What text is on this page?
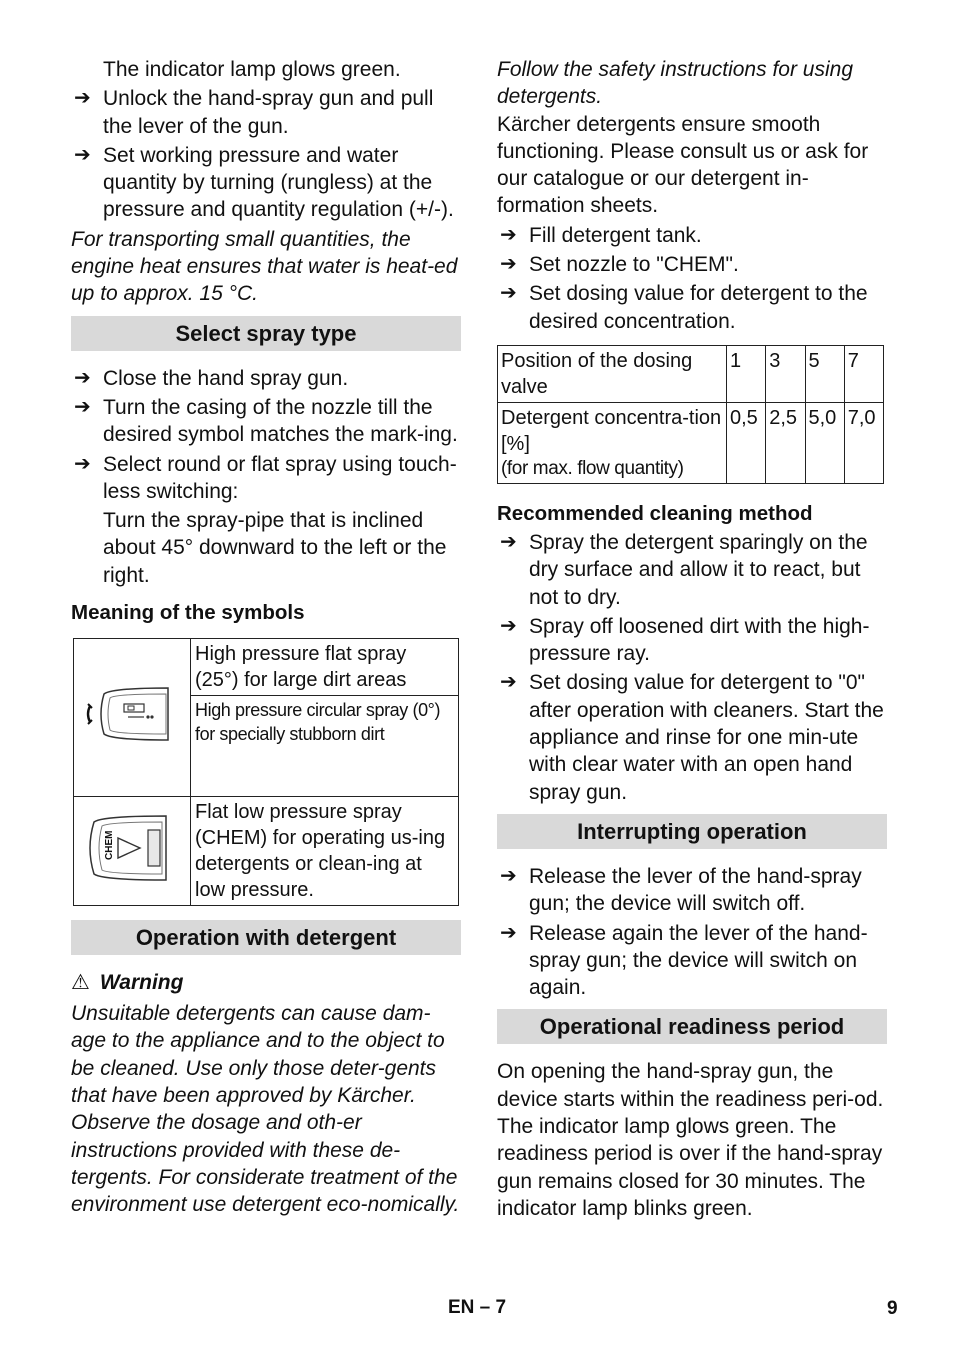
The indicator lamp glows green.

➔ Unlock the hand-spray gun and pull the lever of the gun.
➔ Set working pressure and water quantity by turning (rungless) at the pressure and quantity regulation (+/-).

For transporting small quantities, the engine heat ensures that water is heat-ed up to approx. 15 °C.

Select spray type
➔ Close the hand spray gun.
➔ Turn the casing of the nozzle till the desired symbol matches the mark-ing.
➔ Select round or flat spray using touch-less switching:

Turn the spray-pipe that is inclined about 45° downward to the left or the right.

Meaning of the symbols
	High pressure flat spray (25°) for large dirt areas
	High pressure circular spray (0°) for specially stubborn dirt

CHEM	Flat low pressure spray (CHEM) for operating us-ing detergents or clean-ing at low pressure.
Operation with detergent
⚠ Warning

Unsuitable detergents can cause dam-age to the appliance and to the object to be cleaned. Use only those deter-gents that have been approved by Kärcher. Observe the dosage and oth-er instructions provided with these de-tergents. For considerate treatment of the environment use detergent eco-nomically.

Follow the safety instructions for using detergents.

Kärcher detergents ensure smooth functioning. Please consult us or ask for our catalogue or our detergent in-formation sheets.

➔ Fill detergent tank.
➔ Set nozzle to "CHEM".
➔ Set dosing value for detergent to the desired concentration.
Position of the dosing valve	1	3	5	7

Detergent concentra-tion [%]
(for max. flow quantity)	0,5	2,5	5,0	7,0
Recommended cleaning method
➔ Spray the detergent sparingly on the dry surface and allow it to react, but not to dry.
➔ Spray off loosened dirt with the high-pressure ray.
➔ Set dosing value for detergent to "0" after operation with cleaners. Start the appliance and rinse for one min-ute with clear water with an open hand spray gun.
Interrupting operation
➔ Release the lever of the hand-spray gun; the device will switch off.
➔ Release again the lever of the hand-spray gun; the device will switch on again.
Operational readiness period

On opening the hand-spray gun, the device starts within the readiness peri-od. The indicator lamp glows green. The readiness period is over if the hand-spray gun remains closed for 30 minutes. The indicator lamp blinks green.

EN – 7	9
